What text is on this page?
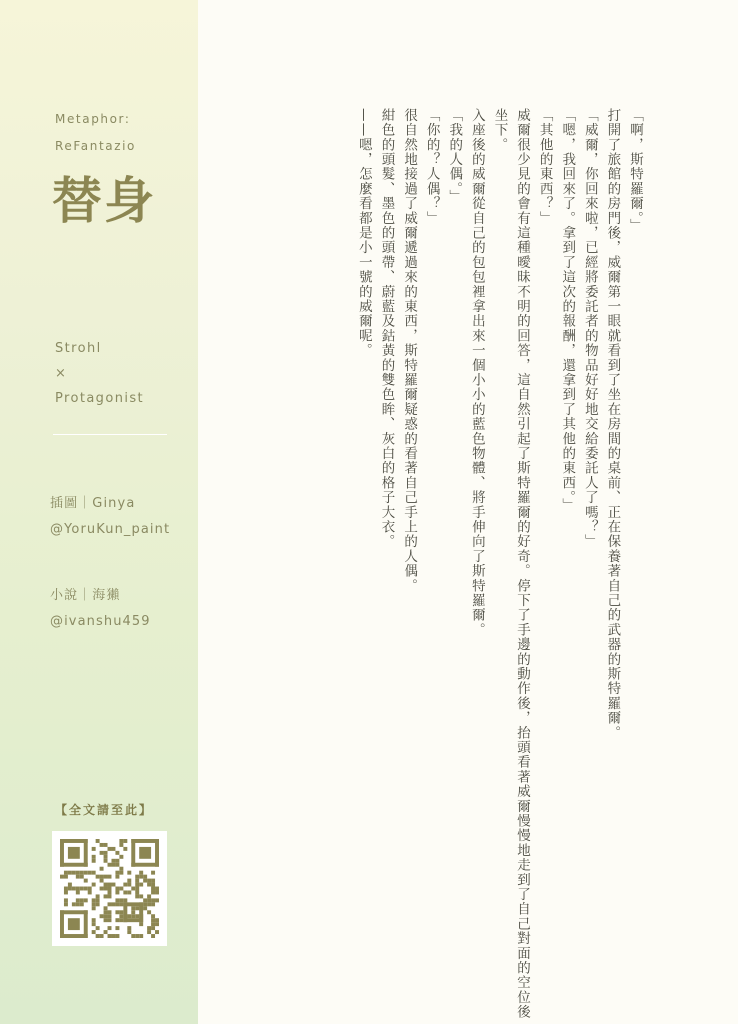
Metaphor:
ReFantazio
替身
Strohl
×
Protagonist
插圖｜Ginya
@YoruKun_paint
小說｜海獺
@ivanshu459
【全文請至此】

「啊，斯特羅爾。」

打開了旅館的房門後，威爾第一眼就看到了坐在房間的桌前、正在保養著自己的武器的斯特羅爾。

「威爾，你回來啦，已經將委託者的物品好好地交給委託人了嗎？」

「嗯，我回來了。拿到了這次的報酬，還拿到了其他的東西。」

「其他的東西？」

威爾很少見的會有這種曖昧不明的回答，這自然引起了斯特羅爾的好奇。停下了手邊的動作後，抬頭看著威爾慢慢地走到了自己對面的空位後坐下。

入座後的威爾從自己的包包裡拿出來一個小小的藍色物體、將手伸向了斯特羅爾。

「我的人偶。」

「你的？人偶？」

很自然地接過了威爾遞過來的東西，斯特羅爾疑惑的看著自己手上的人偶。

紺色的頭髮、墨色的頭帶、蔚藍及鈷黃的雙色眸、灰白的格子大衣。

——嗯，怎麼看都是小一號的威爾呢。
